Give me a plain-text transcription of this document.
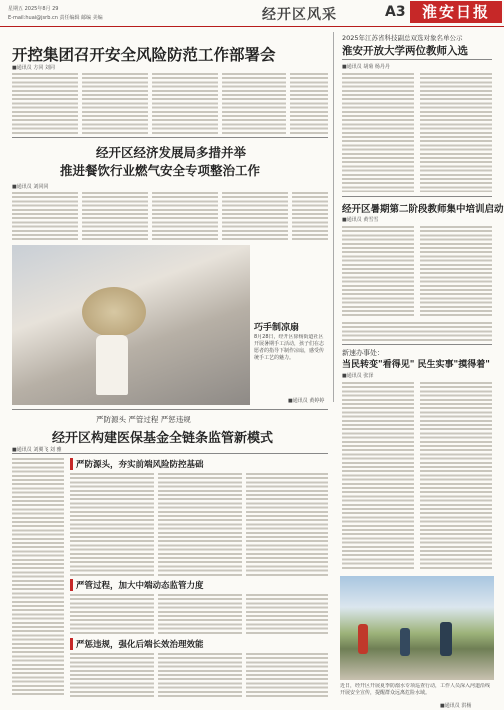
星期五 2025年8月 29
E-mail:huai@jsrb.cn 责任编辑 邮编 美编	经开区风采	A3	淮安日报
开控集团召开安全风险防范工作部署会
■通讯员 方同 刘同
2025年江苏省科技副总双选对象名单公示
淮安开放大学两位教师入选
■通讯员 胡菊 杨丹丹
经开区经济发展局多措并举
推进餐饮行业燃气安全专项整治工作
■通讯员 刘同同
经开区暑期第二阶段教师集中培训启动
■通讯员 黄雪雪
巧手制凉扇
8月28日，经开区徐杨街道社区开展暑期手工活动，孩子们在志愿者的指导下制作凉扇，感受传统手工艺的魅力。
■通讯员 黄婷婷
新速办事处：
当民转变"看得见" 民生实事"摸得着"
■通讯员 张泽
严防源头 严管过程 严惩违规
经开区构建医保基金全链条监管新模式
■通讯员 刘翼飞 刘 雅
严防源头，夯实前端风险防控基础
严管过程，加大中端动态监管力度
严惩违规，强化后端长效治理效能
近日，经开区开展夏季防溺水专项巡查行动，工作人员深入河道沿线开展安全宣传，提醒群众远离危险水域。
■通讯员 洪杨
